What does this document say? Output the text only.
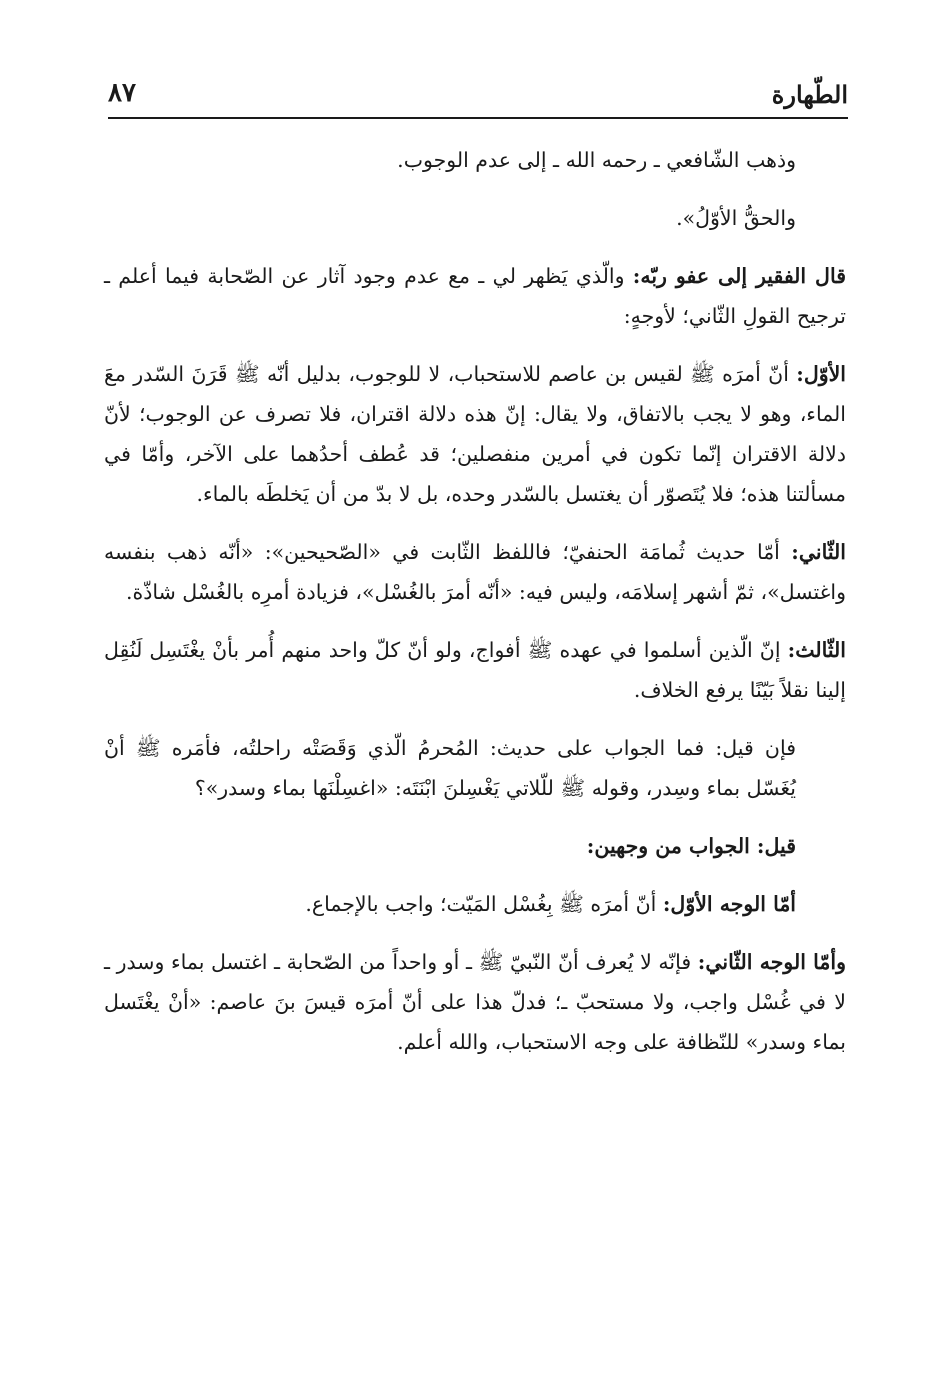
٨٧	الطّهارة

وذهب الشّافعي ـ رحمه الله ـ إلى عدم الوجوب.

والحقُّ الأوّلُ».

قال الفقير إلى عفو ربّه: والّذي يَظهر لي ـ مع عدم وجود آثار عن الصّحابة فيما أعلم ـ ترجيح القولِ الثّاني؛ لأوجهٍ:

الأوّل: أنّ أمرَه ﷺ لقيس بن عاصم للاستحباب، لا للوجوب، بدليل أنّه ﷺ قَرَنَ السّدر معَ الماء، وهو لا يجب بالاتفاق، ولا يقال: إنّ هذه دلالة اقتران، فلا تصرف عن الوجوب؛ لأنّ دلالة الاقتران إنّما تكون في أمرين منفصلين؛ قد عُطف أحدُهما على الآخر، وأمّا في مسألتنا هذه؛ فلا يُتَصوّر أن يغتسل بالسّدر وحده، بل لا بدّ من أن يَخلطَه بالماء.

الثّاني: أمّا حديث ثُمامَة الحنفيّ؛ فاللفظ الثّابت في «الصّحيحين»: «أنّه ذهب بنفسه واغتسل»، ثمّ أشهر إسلامَه، وليس فيه: «أنّه أمرَ بالغُسْل»، فزيادة أمرِه بالغُسْل شاذّة.

الثّالث: إنّ الّذين أسلموا في عهده ﷺ أفواج، ولو أنّ كلّ واحد منهم أُمر بأنْ يغْتَسِل لَنُقِل إلينا نقلاً بَيّنًا يرفع الخلاف.

فإن قيل: فما الجواب على حديث: المُحرمُ الّذي وَقَصَتْه راحلتُه، فأمَره ﷺ أنْ يُغَسّل بماء وسِدر، وقوله ﷺ للّلاتي يَغْسِلنَ ابْنَتَه: «اغسِلْنَها بماء وسدر»؟

قيل: الجواب من وجهين:

أمّا الوجه الأوّل: أنّ أمرَه ﷺ بِغُسْل المَيّت؛ واجب بالإجماع.

وأمّا الوجه الثّاني: فإنّه لا يُعرف أنّ النّبيّ ﷺ ـ أو واحداً من الصّحابة ـ اغتسل بماء وسدر ـ لا في غُسْل واجب، ولا مستحبّ ـ؛ فدلّ هذا على أنّ أمرَه قيسَ بنَ عاصم: «أنْ يغْتَسل بماء وسدر» للنّظافة على وجه الاستحباب، والله أعلم.
